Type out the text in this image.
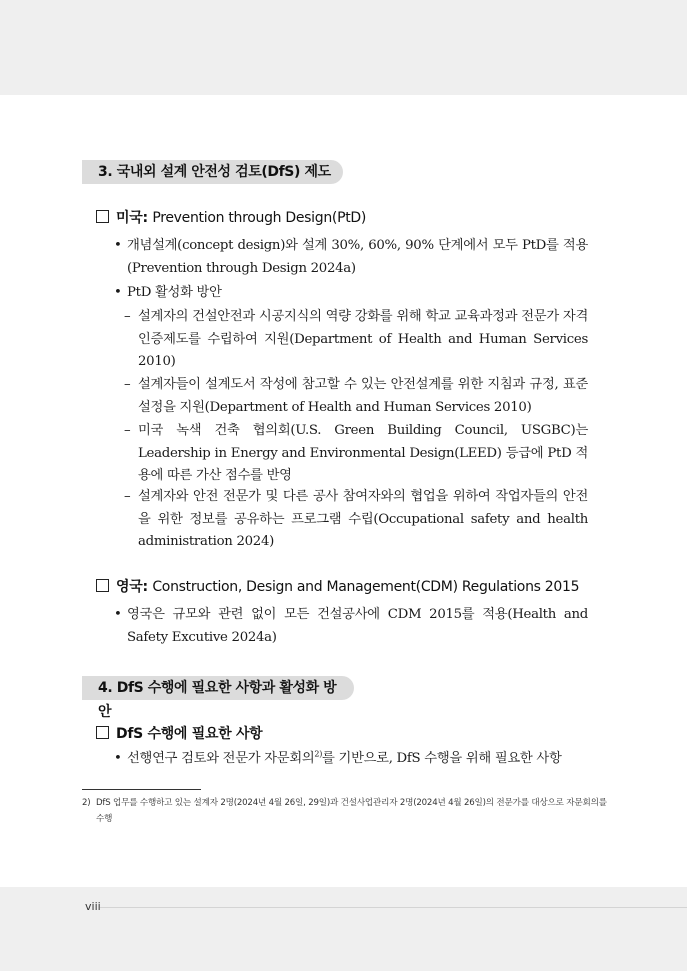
3. 국내외 설계 안전성 검토(DfS) 제도
미국: Prevention through Design(PtD)
• 개념설계(concept design)와 설계 30%, 60%, 90% 단계에서 모두 PtD를 적용(Prevention through Design 2024a)
• PtD 활성화 방안
– 설계자의 건설안전과 시공지식의 역량 강화를 위해 학교 교육과정과 전문가 자격 인증제도를 수립하여 지원(Department of Health and Human Services 2010)
– 설계자들이 설계도서 작성에 참고할 수 있는 안전설계를 위한 지침과 규정, 표준 설정을 지원(Department of Health and Human Services 2010)
– 미국 녹색 건축 협의회(U.S. Green Building Council, USGBC)는 Leadership in Energy and Environmental Design(LEED) 등급에 PtD 적용에 따른 가산 점수를 반영
– 설계자와 안전 전문가 및 다른 공사 참여자와의 협업을 위하여 작업자들의 안전을 위한 정보를 공유하는 프로그램 수립(Occupational safety and health administration 2024)
영국: Construction, Design and Management(CDM) Regulations 2015
• 영국은 규모와 관련 없이 모든 건설공사에 CDM 2015를 적용(Health and Safety Excutive 2024a)
4. DfS 수행에 필요한 사항과 활성화 방안
DfS 수행에 필요한 사항
• 선행연구 검토와 전문가 자문회의$^{2)}$를 기반으로, DfS 수행을 위해 필요한 사항
2) DfS 업무를 수행하고 있는 설계자 2명(2024년 4월 26일, 29일)과 건설사업관리자 2명(2024년 4월 26일)의 전문가를 대상으로 자문회의를 수행
viii
